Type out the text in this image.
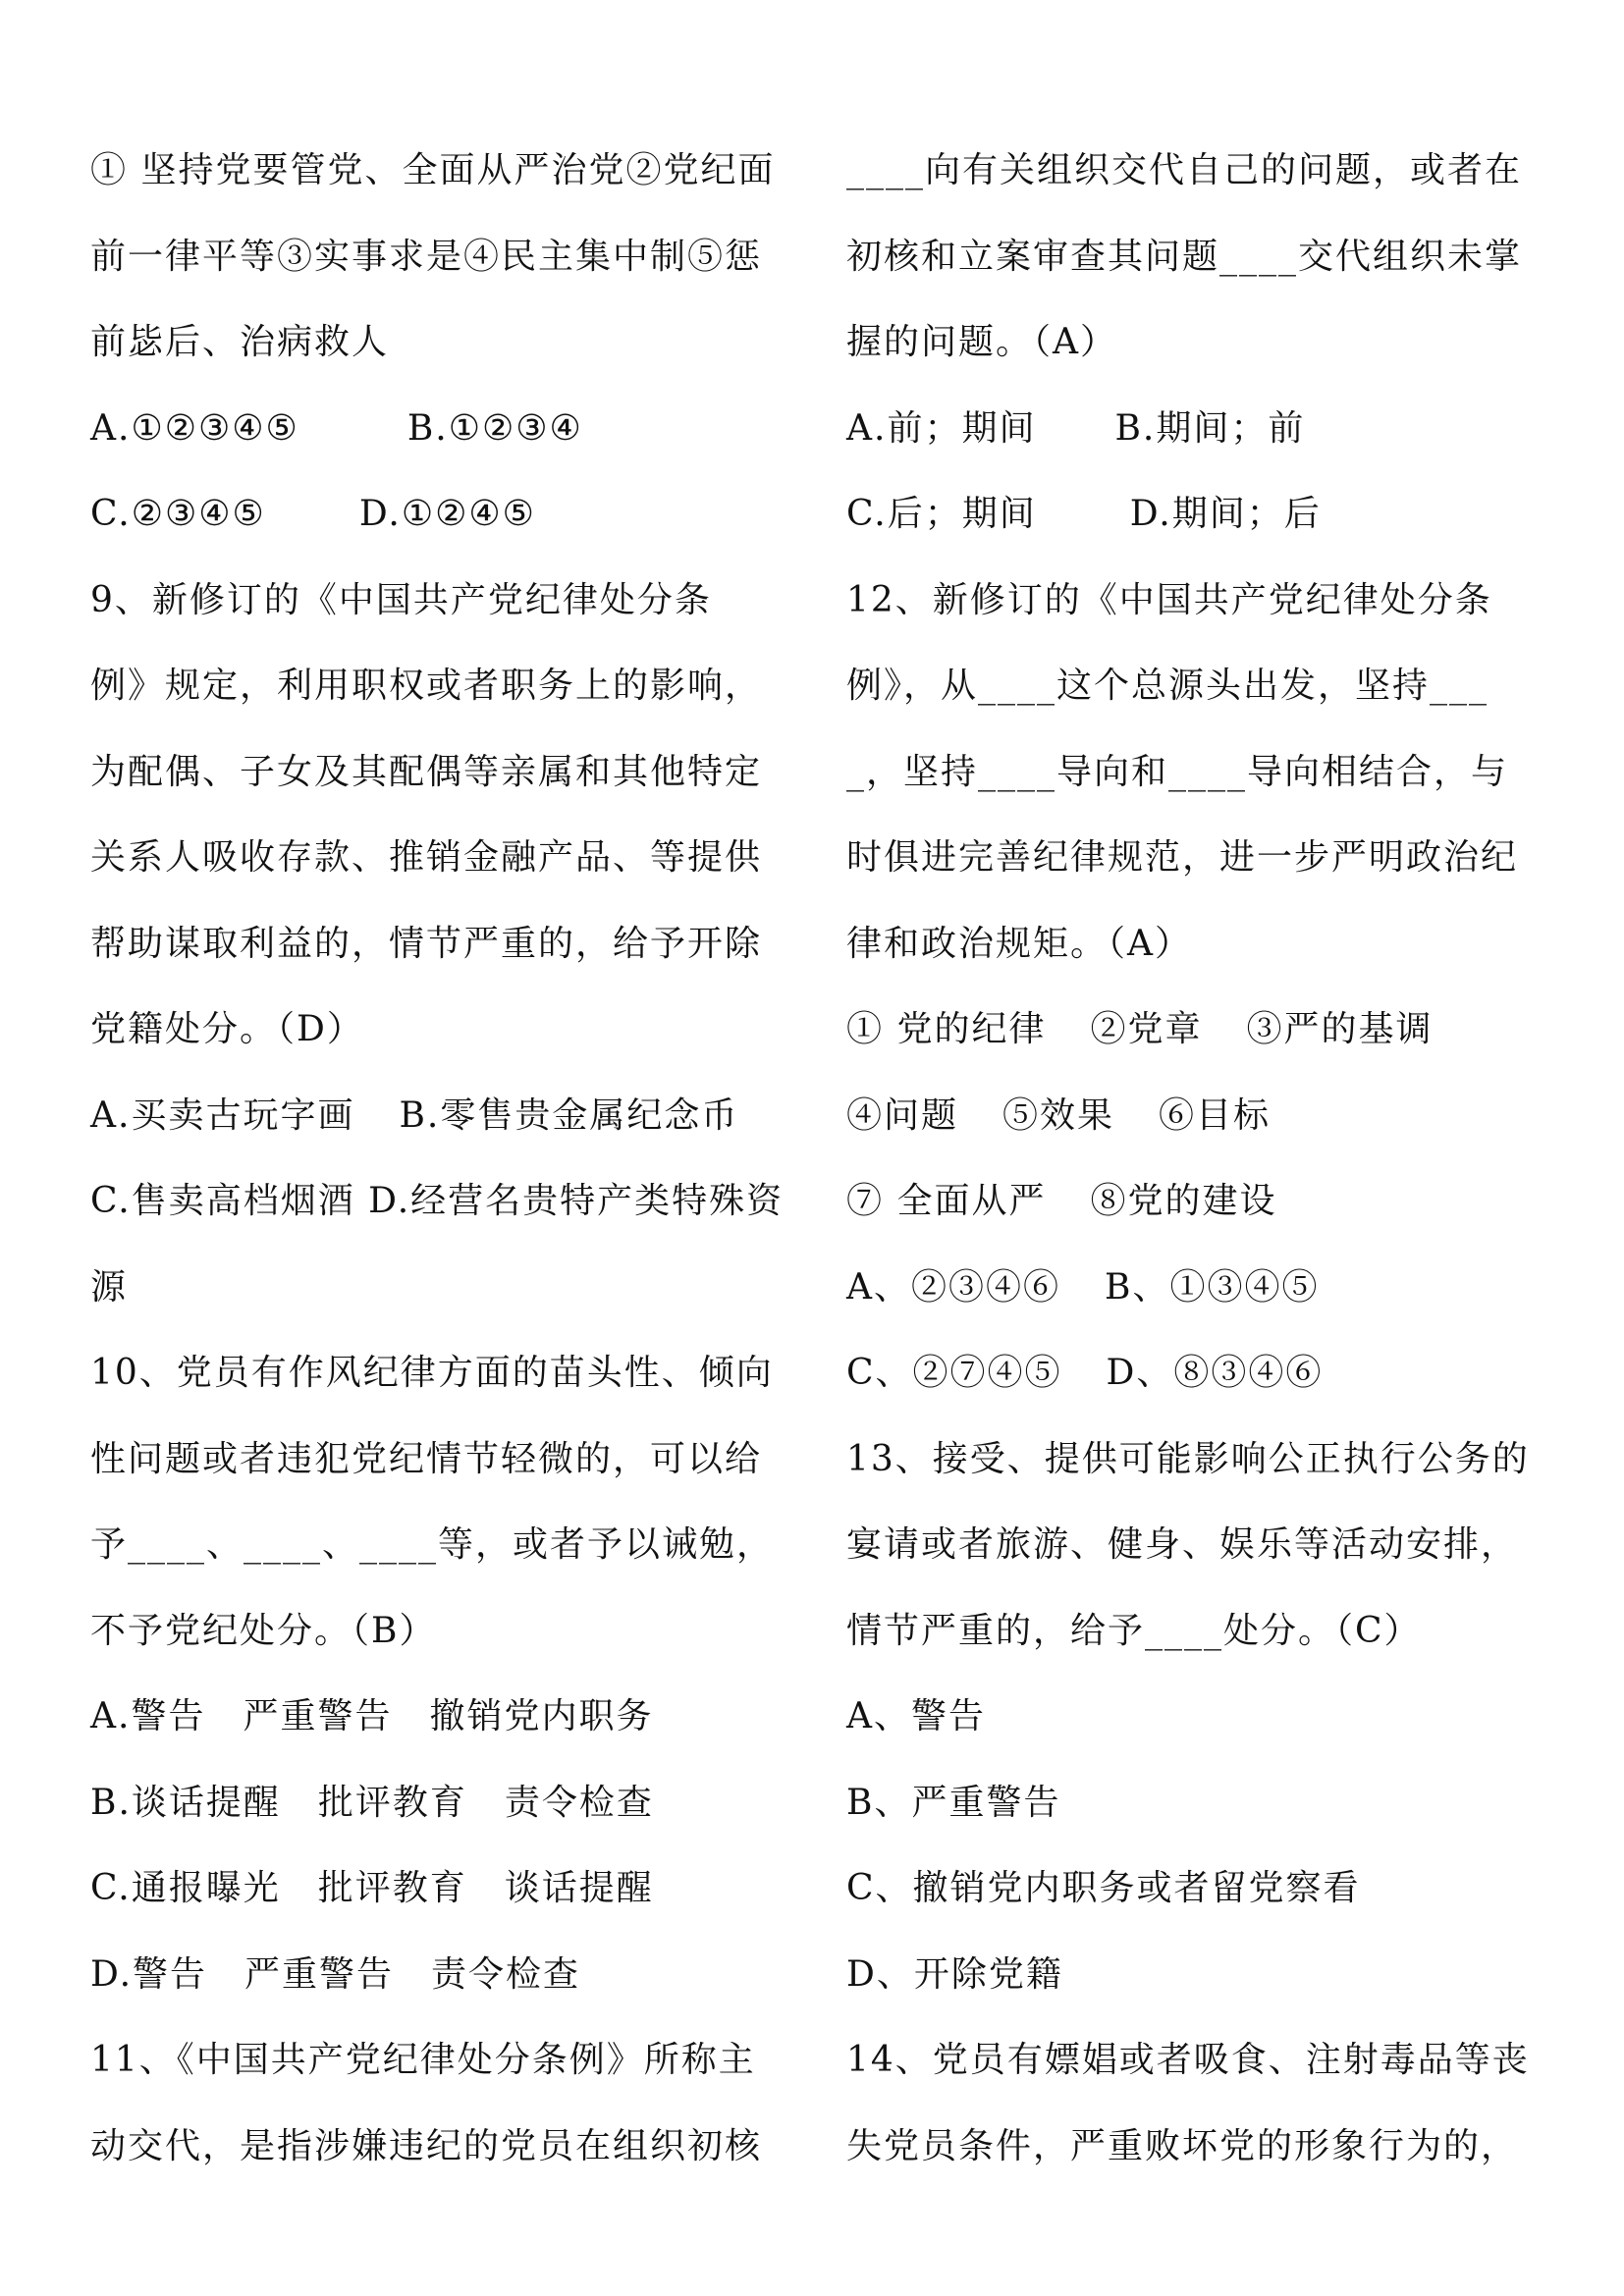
① 坚持党要管党、全面从严治党②党纪面
前一律平等③实事求是④民主集中制⑤惩
前毖后、治病救人
A.①②③④⑤	B.①②③④
C.②③④⑤	D.①②④⑤
9、新修订的《中国共产党纪律处分条
例》规定，利用职权或者职务上的影响，
为配偶、子女及其配偶等亲属和其他特定
关系人吸收存款、推销金融产品、等提供
帮助谋取利益的，情节严重的，给予开除
党籍处分。（D）
A.买卖古玩字画 B.零售贵金属纪念币
C.售卖高档烟酒 D.经营名贵特产类特殊资
源
10、党员有作风纪律方面的苗头性、倾向
性问题或者违犯党纪情节轻微的，可以给
予____、____、____等，或者予以诫勉，
不予党纪处分。（B）
A.警告　严重警告　撤销党内职务
B.谈话提醒　批评教育　责令检查
C.通报曝光　批评教育　谈话提醒
D.警告　严重警告　责令检查
11、《中国共产党纪律处分条例》所称主
动交代，是指涉嫌违纪的党员在组织初核
____向有关组织交代自己的问题，或者在
初核和立案审查其问题____交代组织未掌
握的问题。（A）
A.前；期间 B.期间；前
C.后；期间	D.期间；后
12、新修订的《中国共产党纪律处分条
例》，从____这个总源头出发，坚持___
_，坚持____导向和____导向相结合，与
时俱进完善纪律规范，进一步严明政治纪
律和政治规矩。（A）
① 党的纪律 ②党章 ③严的基调
④问题 ⑤效果 ⑥目标
⑦ 全面从严 ⑧党的建设
A、②③④⑥ B、①③④⑤
C、②⑦④⑤ D、⑧③④⑥
13、接受、提供可能影响公正执行公务的
宴请或者旅游、健身、娱乐等活动安排，
情节严重的，给予____处分。（C）
A、警告
B、严重警告
C、撤销党内职务或者留党察看
D、开除党籍
14、党员有嫖娼或者吸食、注射毒品等丧
失党员条件，严重败坏党的形象行为的，
